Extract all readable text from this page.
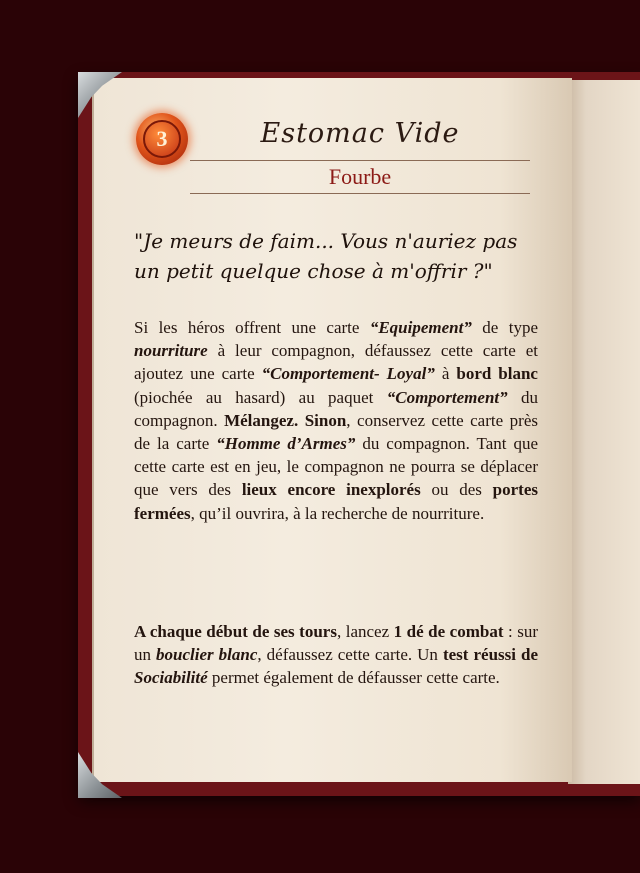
3	Estomac Vide
Fourbe
"Je meurs de faim... Vous n'auriez pas un petit quelque chose à m'offrir ?"
Si les héros offrent une carte “Equipement” de type nourriture à leur compagnon, défaussez cette carte et ajoutez une carte “Comportement- Loyal” à bord blanc (piochée au hasard) au paquet “Comportement” du compagnon. Mélangez. Sinon, conservez cette carte près de la carte “Homme d’Armes” du compagnon. Tant que cette carte est en jeu, le compagnon ne pourra se déplacer que vers des lieux encore inexplorés ou des portes fermées, qu’il ouvrira, à la recherche de nourriture.
A chaque début de ses tours, lancez 1 dé de combat : sur un bouclier blanc, défaussez cette carte. Un test réussi de Sociabilité permet également de défausser cette carte.
